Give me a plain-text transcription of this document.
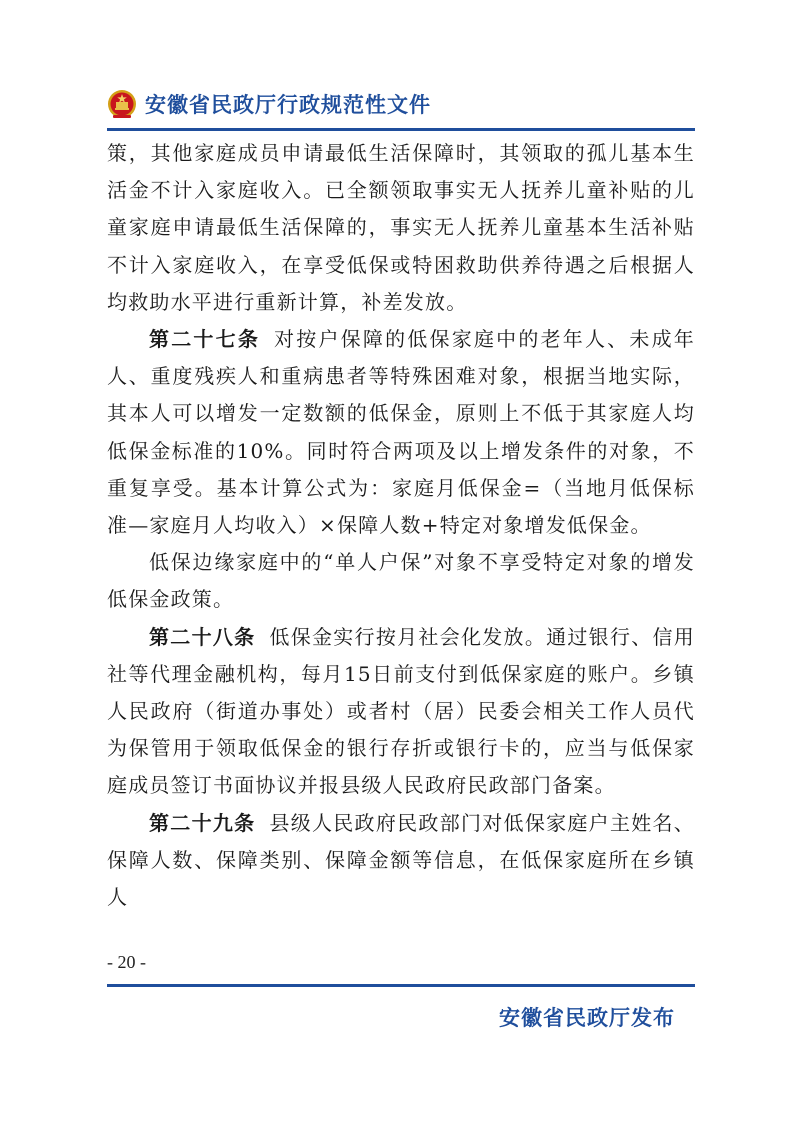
安徽省民政厅行政规范性文件

策，其他家庭成员申请最低生活保障时，其领取的孤儿基本生活金不计入家庭收入。已全额领取事实无人抚养儿童补贴的儿童家庭申请最低生活保障的，事实无人抚养儿童基本生活补贴不计入家庭收入，在享受低保或特困救助供养待遇之后根据人均救助水平进行重新计算，补差发放。

第二十七条 对按户保障的低保家庭中的老年人、未成年人、重度残疾人和重病患者等特殊困难对象，根据当地实际，其本人可以增发一定数额的低保金，原则上不低于其家庭人均低保金标准的10%。同时符合两项及以上增发条件的对象，不重复享受。基本计算公式为：家庭月低保金=（当地月低保标准—家庭月人均收入）×保障人数+特定对象增发低保金。

低保边缘家庭中的“单人户保”对象不享受特定对象的增发低保金政策。

第二十八条 低保金实行按月社会化发放。通过银行、信用社等代理金融机构，每月15日前支付到低保家庭的账户。乡镇人民政府（街道办事处）或者村（居）民委会相关工作人员代为保管用于领取低保金的银行存折或银行卡的，应当与低保家庭成员签订书面协议并报县级人民政府民政部门备案。

第二十九条 县级人民政府民政部门对低保家庭户主姓名、保障人数、保障类别、保障金额等信息，在低保家庭所在乡镇人

- 20 -
安徽省民政厅发布
